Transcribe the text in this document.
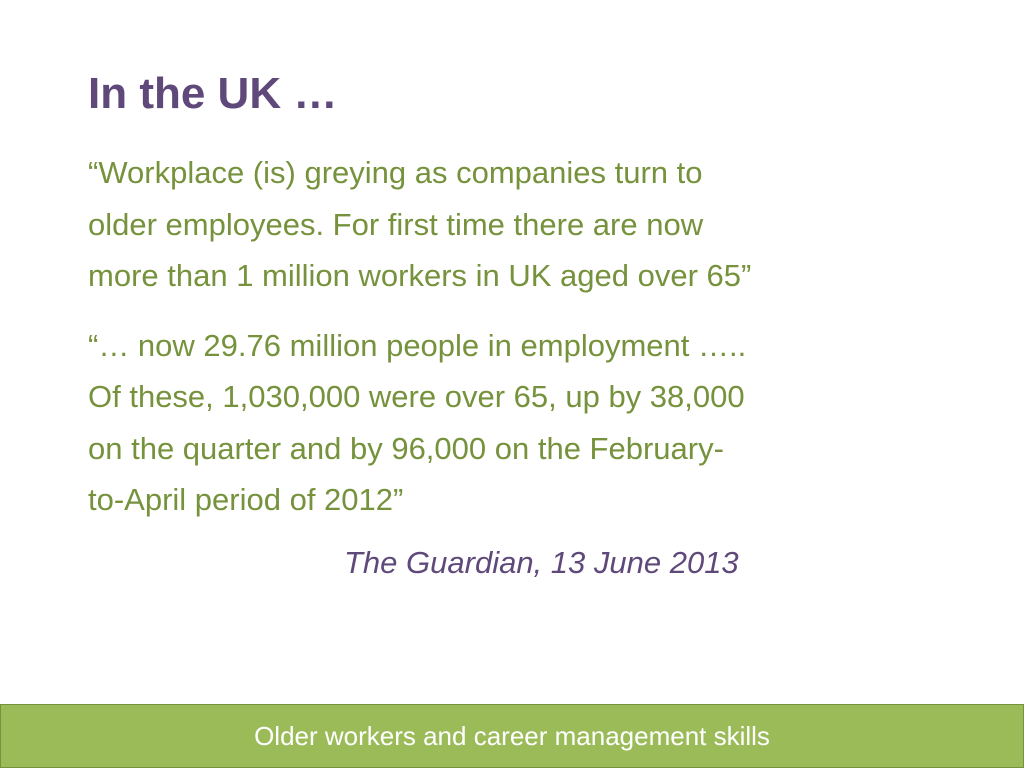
In the UK …

“Workplace (is) greying as companies turn to
older employees. For first time there are now
more than 1 million workers in UK aged over 65”

“… now 29.76 million people in employment …..
Of these, 1,030,000 were over 65, up by 38,000
on the quarter and by 96,000 on the February-
to-April period of 2012”

The Guardian, 13 June 2013

Older workers and career management skills
